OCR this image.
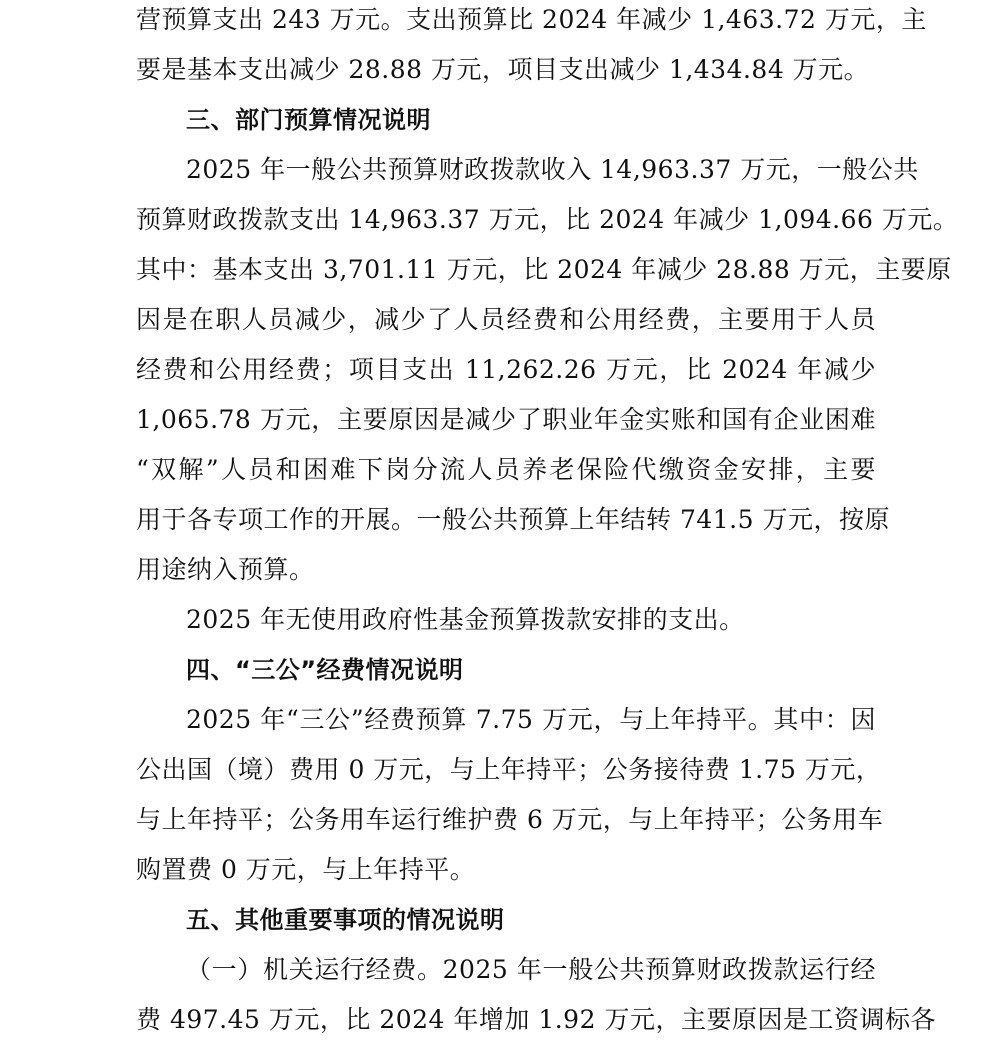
营预算支出 243 万元。支出预算比 2024 年减少 1,463.72 万元，主
要是基本支出减少 28.88 万元，项目支出减少 1,434.84 万元。
三、部门预算情况说明
2025 年一般公共预算财政拨款收入 14,963.37 万元，一般公共
预算财政拨款支出 14,963.37 万元，比 2024 年减少 1,094.66 万元。
其中：基本支出 3,701.11 万元，比 2024 年减少 28.88 万元，主要原
因是在职人员减少，减少了人员经费和公用经费，主要用于人员
经费和公用经费；项目支出 11,262.26 万元，比 2024 年减少
1,065.78 万元，主要原因是减少了职业年金实账和国有企业困难
“双解”人员和困难下岗分流人员养老保险代缴资金安排，主要
用于各专项工作的开展。一般公共预算上年结转 741.5 万元，按原
用途纳入预算。
2025 年无使用政府性基金预算拨款安排的支出。
四、“三公”经费情况说明
2025 年“三公”经费预算 7.75 万元，与上年持平。其中：因
公出国（境）费用 0 万元，与上年持平；公务接待费 1.75 万元，
与上年持平；公务用车运行维护费 6 万元，与上年持平；公务用车
购置费 0 万元，与上年持平。
五、其他重要事项的情况说明
（一）机关运行经费。2025 年一般公共预算财政拨款运行经
费 497.45 万元，比 2024 年增加 1.92 万元，主要原因是工资调标各
